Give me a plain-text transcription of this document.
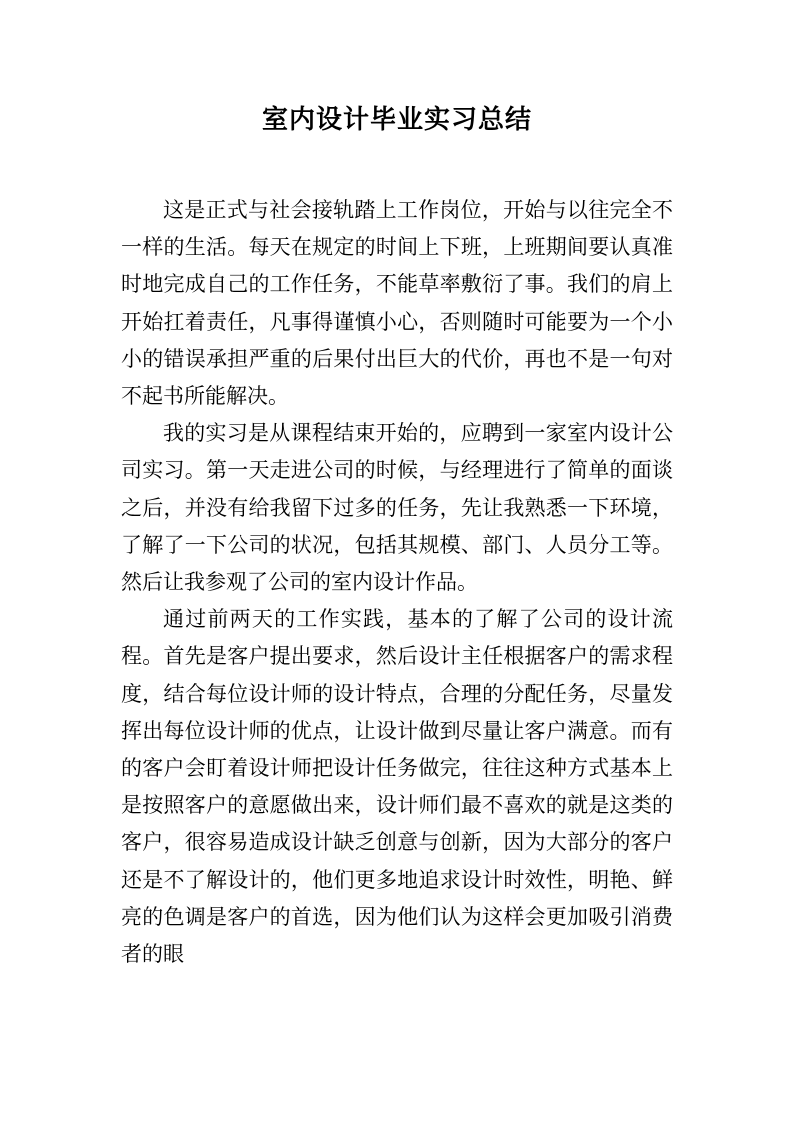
室内设计毕业实习总结

这是正式与社会接轨踏上工作岗位，开始与以往完全不一样的生活。每天在规定的时间上下班，上班期间要认真准时地完成自己的工作任务，不能草率敷衍了事。我们的肩上开始扛着责任，凡事得谨慎小心，否则随时可能要为一个小小的错误承担严重的后果付出巨大的代价，再也不是一句对不起书所能解决。

我的实习是从课程结束开始的，应聘到一家室内设计公司实习。第一天走进公司的时候，与经理进行了简单的面谈之后，并没有给我留下过多的任务，先让我熟悉一下环境，了解了一下公司的状况，包括其规模、部门、人员分工等。然后让我参观了公司的室内设计作品。

通过前两天的工作实践，基本的了解了公司的设计流程。首先是客户提出要求，然后设计主任根据客户的需求程度，结合每位设计师的设计特点，合理的分配任务，尽量发挥出每位设计师的优点，让设计做到尽量让客户满意。而有的客户会盯着设计师把设计任务做完，往往这种方式基本上是按照客户的意愿做出来，设计师们最不喜欢的就是这类的客户，很容易造成设计缺乏创意与创新，因为大部分的客户还是不了解设计的，他们更多地追求设计时效性，明艳、鲜亮的色调是客户的首选，因为他们认为这样会更加吸引消费者的眼
